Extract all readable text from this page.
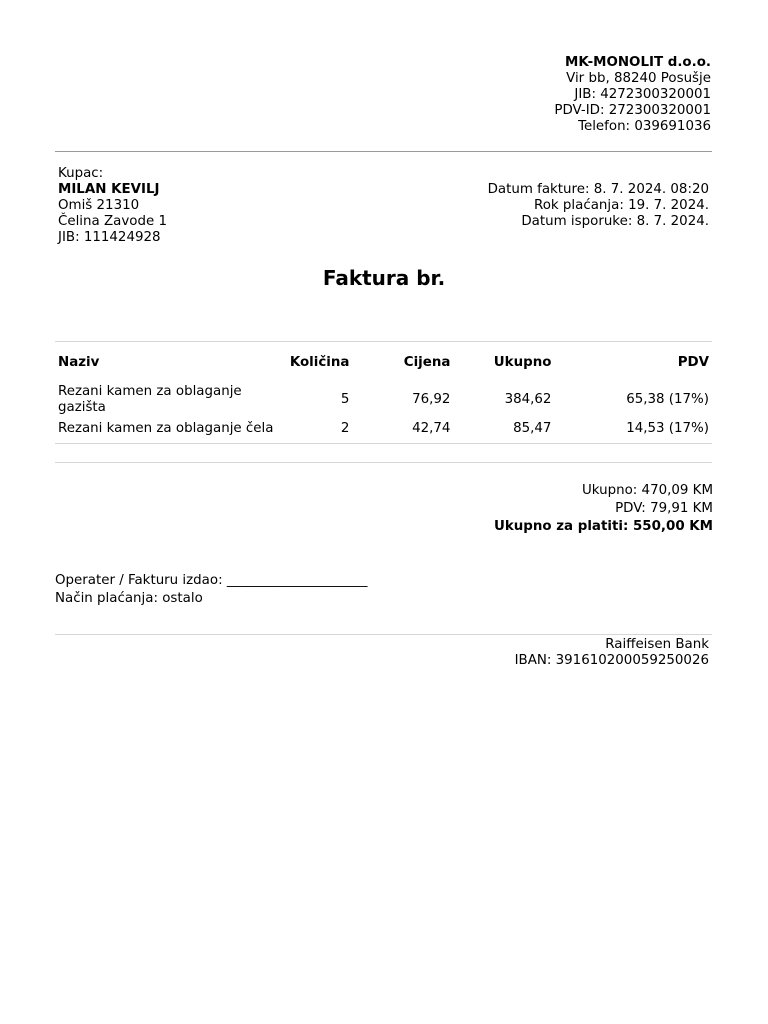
MK-MONOLIT d.o.o.
Vir bb, 88240 Posušje
JIB: 4272300320001
PDV-ID: 272300320001
Telefon: 039691036
Kupac:
MILAN KEVILJ
Omiš 21310
Čelina Zavode 1
JIB: 111424928
Datum fakture: 8. 7. 2024. 08:20
Rok plaćanja: 19. 7. 2024.
Datum isporuke: 8. 7. 2024.
Faktura br.
Naziv	Količina	Cijena	Ukupno	PDV
Rezani kamen za oblaganje gazišta	5	76,92	384,62	65,38 (17%)
Rezani kamen za oblaganje čela	2	42,74	85,47	14,53 (17%)
Ukupno: 470,09 KM
PDV: 79,91 KM
Ukupno za platiti: 550,00 KM
Operater / Fakturu izdao: _____________________
Način plaćanja: ostalo
Raiffeisen Bank
IBAN: 391610200059250026
